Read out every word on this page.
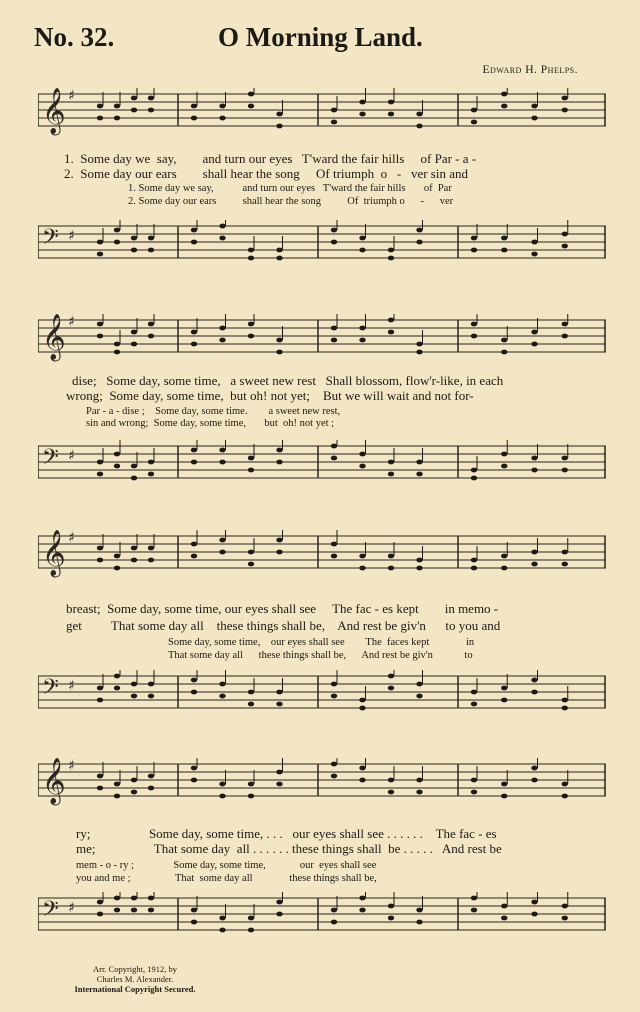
No. 32.	O Morning Land.
Edward H. Phelps.
𝄞 ♯
1.  Some day we  say,        and turn our eyes   T'ward the fair hills     of Par - a -
2.  Some day our ears        shall hear the song     Of triumph  o   -   ver sin and
1. Some day we say,           and turn our eyes   T'ward the fair hills       of  Par
2. Some day our ears          shall hear the song          Of  triumph o      -      ver
𝄢 ♯
𝄞 ♯
dise;   Some day, some time,   a sweet new rest   Shall blossom, flow'r-like, in each
wrong;  Some day, some time,  but oh! not yet;    But we will wait and not for-
Par - a - dise ;    Some day, some time.        a sweet new rest,
sin and wrong;  Some day, some time,       but  oh! not yet ;
𝄢 ♯
𝄞 ♯
breast;  Some day, some time, our eyes shall see     The fac - es kept        in memo -
get         That some day all    these things shall be,    And rest be giv'n      to you and
Some day, some time,    our eyes shall see        The  faces kept              in
That some day all      these things shall be,      And rest be giv'n            to
𝄢 ♯
𝄞 ♯
ry;                  Some day, some time, . . .   our eyes shall see . . . . . .    The fac - es
me;                  That some day  all . . . . . . these things shall  be . . . . .   And rest be
mem - o - ry ;               Some day, some time,             our  eyes shall see
you and me ;                 That  some day all              these things shall be,
𝄢 ♯
Arr. Copyright, 1912, by
Charles M. Alexander.
International Copyright Secured.
